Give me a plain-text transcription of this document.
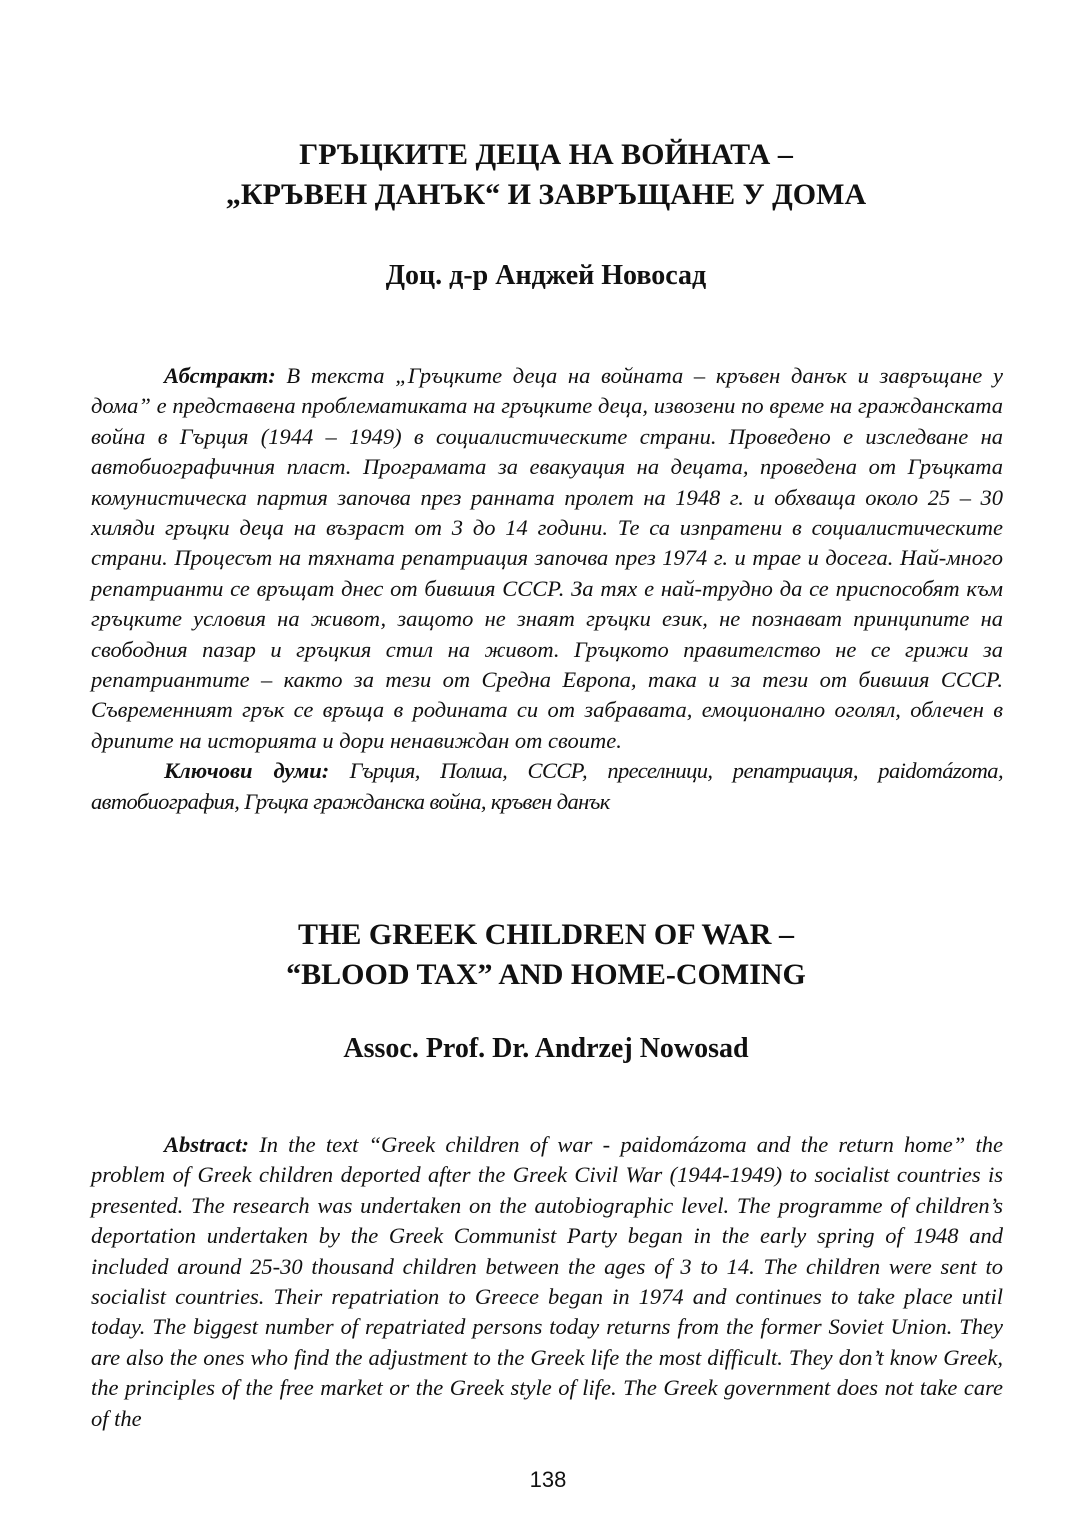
ГРЪЦКИТЕ ДЕЦА НА ВОЙНАТА –
„КРЪВЕН ДАНЪК“ И ЗАВРЪЩАНЕ У ДОМА
Доц. д-р Анджей Новосад

Абстракт: В текста „Гръцките деца на войната – кръвен данък и завръщане у дома” е представена проблематиката на гръцките деца, извозени по време на гражданската война в Гърция (1944 – 1949) в социалистическите страни. Проведено е изследване на автобиографичния пласт. Програмата за евакуация на децата, проведена от Гръцката комунистическа партия започва през ранната пролет на 1948 г. и обхваща около 25 – 30 хиляди гръцки деца на възраст от 3 до 14 години. Те са изпратени в социалистическите страни. Процесът на тяхната репатриация започва през 1974 г. и трае и досега. Най-много репатрианти се връщат днес от бившия СССР. За тях е най-трудно да се приспособят към гръцките условия на живот, защото не знаят гръцки език, не познават принципите на свободния пазар и гръцкия стил на живот. Гръцкото правителство не се грижи за репатриантите – както за тези от Средна Европа, така и за тези от бившия СССР. Съвременният грък се връща в родината си от забравата, емоционално оголял, облечен в дрипите на историята и дори ненавиждан от своите.

Ключови думи: Гърция, Полша, СССР, преселници, репатриация, paidomázoma, автобиография, Гръцка гражданска война, кръвен данък

THE GREEK CHILDREN OF WAR –
“BLOOD TAX” AND HOME-COMING
Assoc. Prof. Dr. Andrzej Nowosad

Abstract: In the text “Greek children of war - paidomázoma and the return home” the problem of Greek children deported after the Greek Civil War (1944-1949) to socialist countries is presented. The research was undertaken on the autobiographic level. The programme of children’s deportation undertaken by the Greek Communist Party began in the early spring of 1948 and included around 25-30 thousand children between the ages of 3 to 14. The children were sent to socialist countries. Their repatriation to Greece began in 1974 and continues to take place until today. The biggest number of repatriated persons today returns from the former Soviet Union. They are also the ones who find the adjustment to the Greek life the most difficult. They don’t know Greek, the principles of the free market or the Greek style of life. The Greek government does not take care of the

138
